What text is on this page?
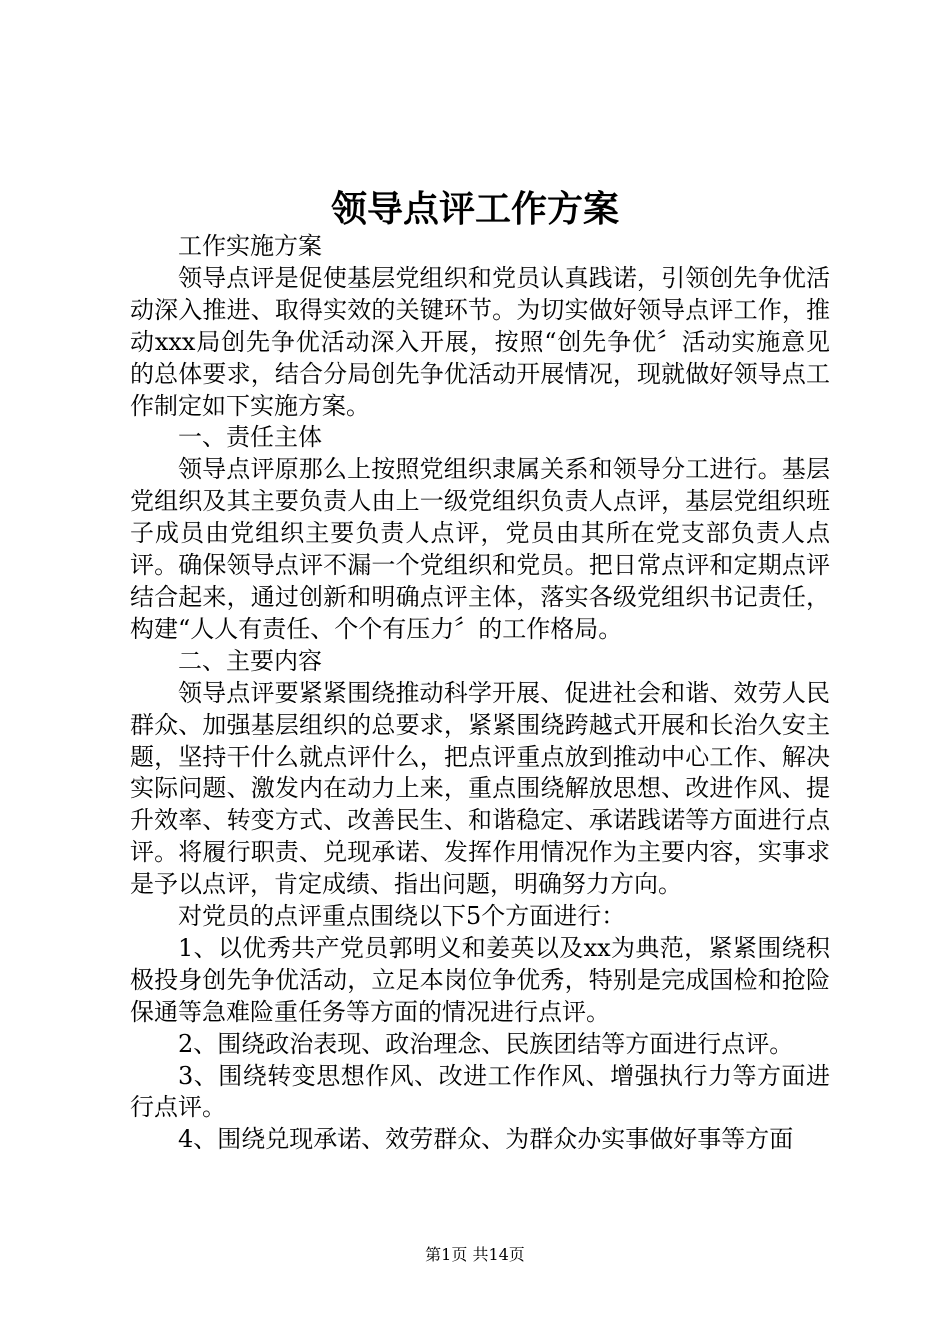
领导点评工作方案

工作实施方案

领导点评是促使基层党组织和党员认真践诺，引领创先争优活动深入推进、取得实效的关键环节。为切实做好领导点评工作，推动xxx局创先争优活动深入开展，按照“创先争优〞活动实施意见的总体要求，结合分局创先争优活动开展情况，现就做好领导点工作制定如下实施方案。

一、责任主体

领导点评原那么上按照党组织隶属关系和领导分工进行。基层党组织及其主要负责人由上一级党组织负责人点评，基层党组织班子成员由党组织主要负责人点评，党员由其所在党支部负责人点评。确保领导点评不漏一个党组织和党员。把日常点评和定期点评结合起来，通过创新和明确点评主体，落实各级党组织书记责任，构建“人人有责任、个个有压力〞的工作格局。

二、主要内容

领导点评要紧紧围绕推动科学开展、促进社会和谐、效劳人民群众、加强基层组织的总要求，紧紧围绕跨越式开展和长治久安主题，坚持干什么就点评什么，把点评重点放到推动中心工作、解决实际问题、激发内在动力上来，重点围绕解放思想、改进作风、提升效率、转变方式、改善民生、和谐稳定、承诺践诺等方面进行点评。将履行职责、兑现承诺、发挥作用情况作为主要内容，实事求是予以点评，肯定成绩、指出问题，明确努力方向。

对党员的点评重点围绕以下5个方面进行：

1、以优秀共产党员郭明义和姜英以及xx为典范，紧紧围绕积极投身创先争优活动，立足本岗位争优秀，特别是完成国检和抢险保通等急难险重任务等方面的情况进行点评。

2、围绕政治表现、政治理念、民族团结等方面进行点评。

3、围绕转变思想作风、改进工作作风、增强执行力等方面进行点评。

4、围绕兑现承诺、效劳群众、为群众办实事做好事等方面

第1页 共14页
